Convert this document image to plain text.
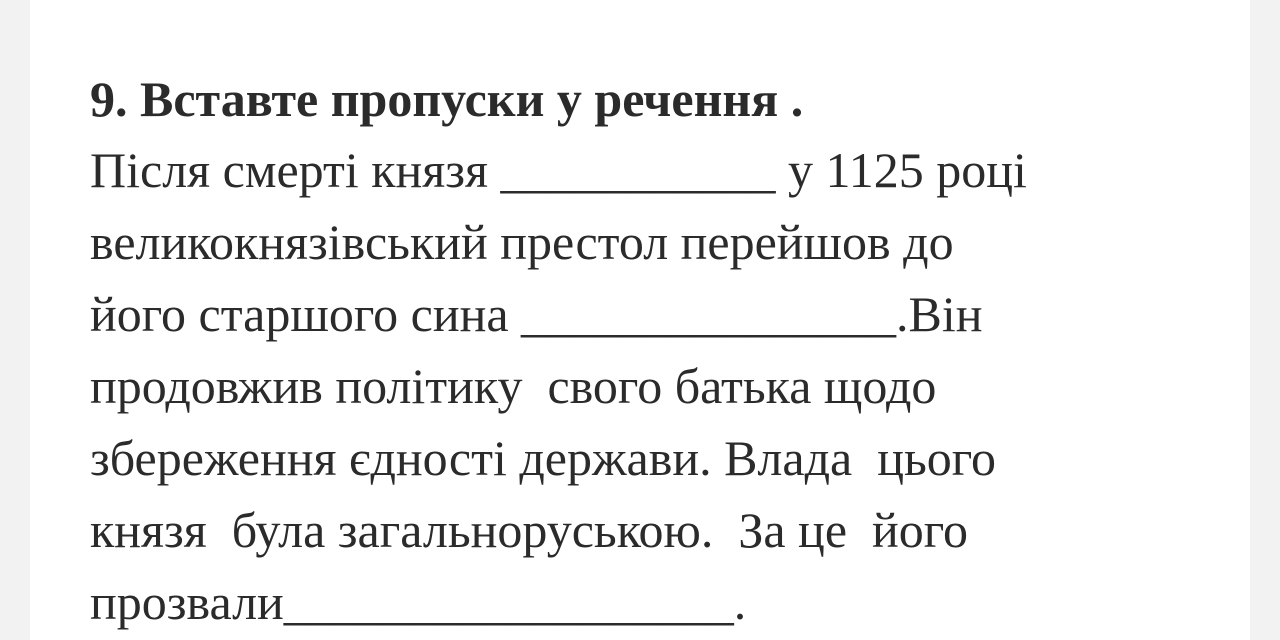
9. Вставте пропуски у речення .
Після смерті князя ___________ у 1125 році
великокнязівський престол перейшов до
його старшого сина _______________.Він
продовжив політику  свого батька щодо
збереження єдності держави. Влада  цього
князя  була загальноруською.  За це  його
прозвали__________________.
